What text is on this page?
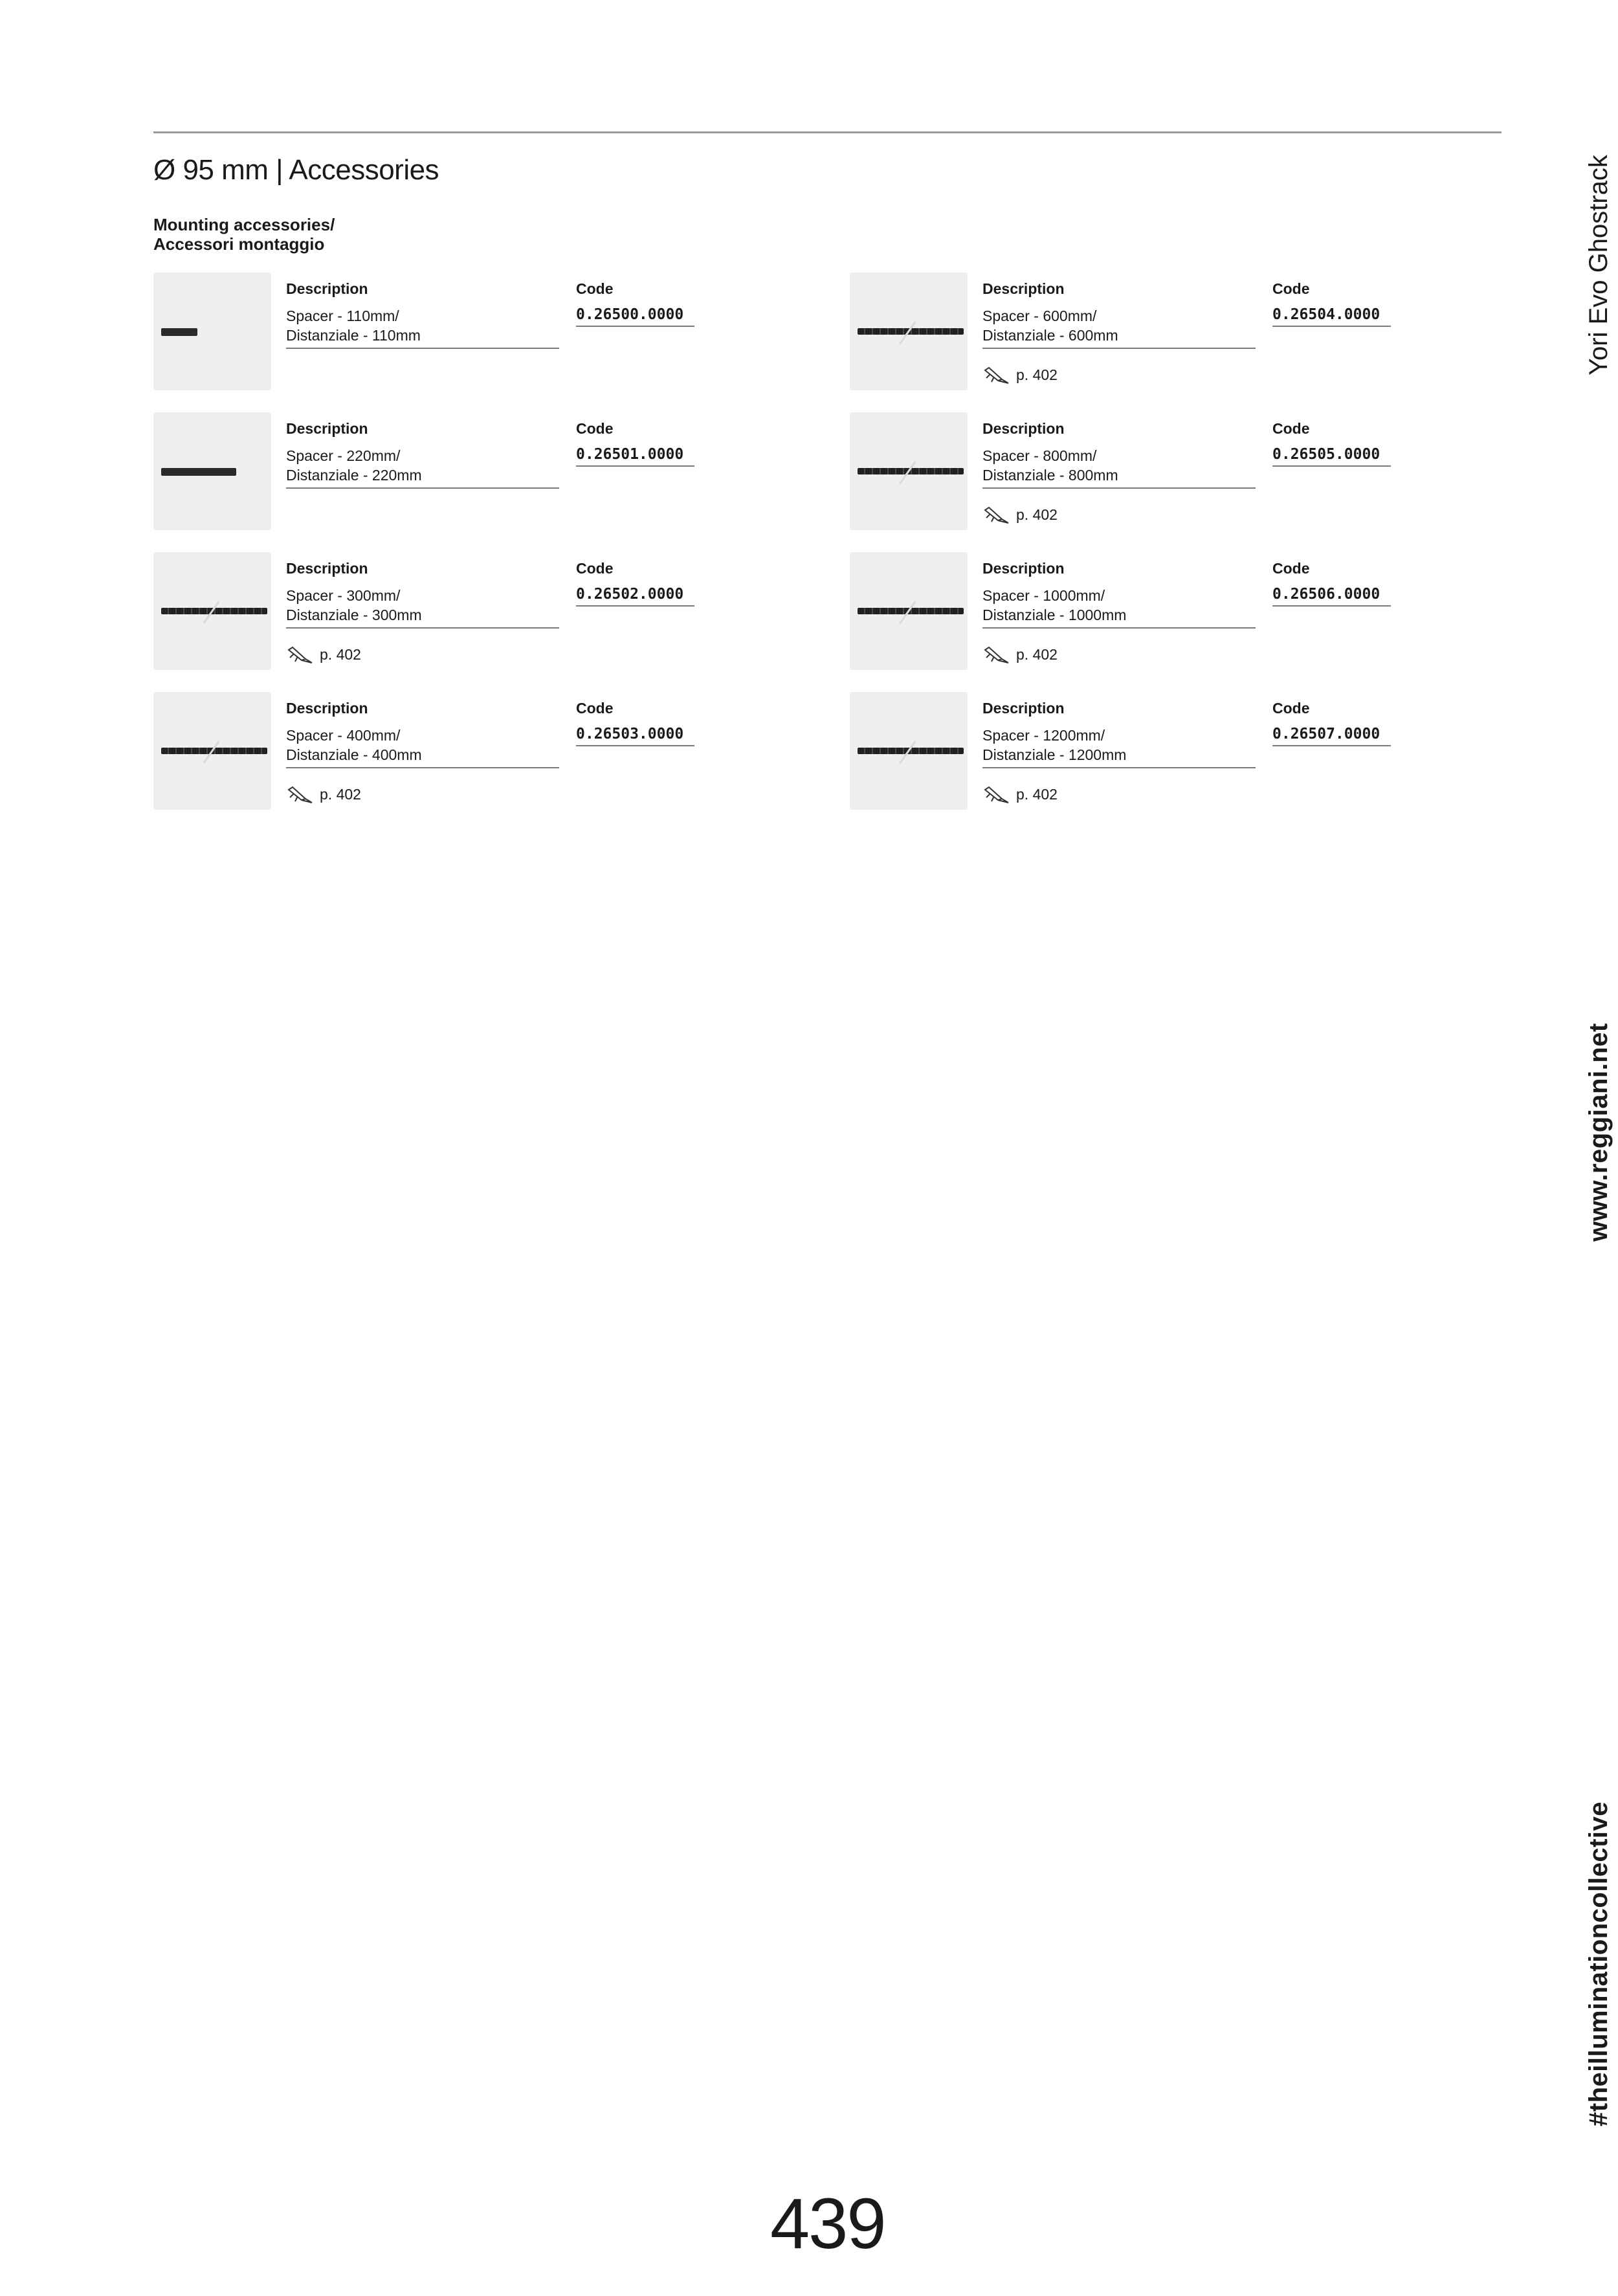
Ø 95 mm | Accessories
Mounting accessories/
Accessori montaggio
Description
Spacer - 110mm/
Distanziale - 110mm
Code
0.26500.0000
Description
Spacer - 220mm/
Distanziale - 220mm
Code
0.26501.0000
Description
Spacer - 300mm/
Distanziale - 300mm
Code
0.26502.0000
p. 402
Description
Spacer - 400mm/
Distanziale - 400mm
Code
0.26503.0000
p. 402
Description
Spacer - 600mm/
Distanziale - 600mm
Code
0.26504.0000
p. 402
Description
Spacer - 800mm/
Distanziale - 800mm
Code
0.26505.0000
p. 402
Description
Spacer - 1000mm/
Distanziale - 1000mm
Code
0.26506.0000
p. 402
Description
Spacer - 1200mm/
Distanziale - 1200mm
Code
0.26507.0000
p. 402
Yori Evo Ghostrack
www.reggiani.net
#theilluminationcollective
439
